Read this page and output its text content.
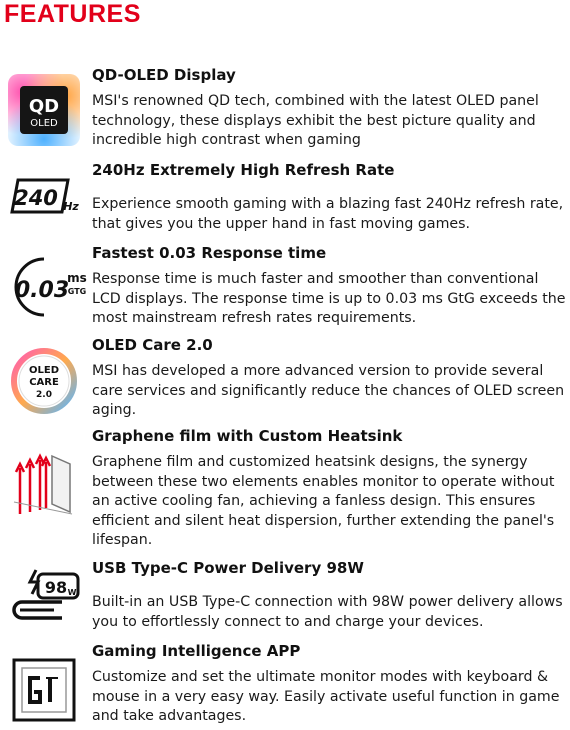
FEATURES
QD
OLED
QD-OLED Display
MSI's renowned QD tech, combined with the latest OLED panel technology, these displays exhibit the best picture quality and incredible high contrast when gaming
240 Hz
240Hz Extremely High Refresh Rate
Experience smooth gaming with a blazing fast 240Hz refresh rate, that gives you the upper hand in fast moving games.
0.03
ms
GTG
Fastest 0.03 Response time
Response time is much faster and smoother than conventional LCD displays. The response time is up to 0.03 ms GtG exceeds the most mainstream refresh rates requirements.
OLED
CARE
2.0
OLED Care 2.0
MSI has developed a more advanced version to provide several care services and significantly reduce the chances of OLED screen aging.
Graphene film with Custom Heatsink
Graphene film and customized heatsink designs, the synergy between these two elements enables monitor to operate without an active cooling fan, achieving a fanless design. This ensures efficient and silent heat dispersion, further extending the panel's lifespan.
98 W
USB Type-C Power Delivery 98W
Built-in an USB Type-C connection with 98W power delivery allows you to effortlessly connect to and charge your devices.
Gaming Intelligence APP
Customize and set the ultimate monitor modes with keyboard & mouse in a very easy way. Easily activate useful function in game and take advantages.
